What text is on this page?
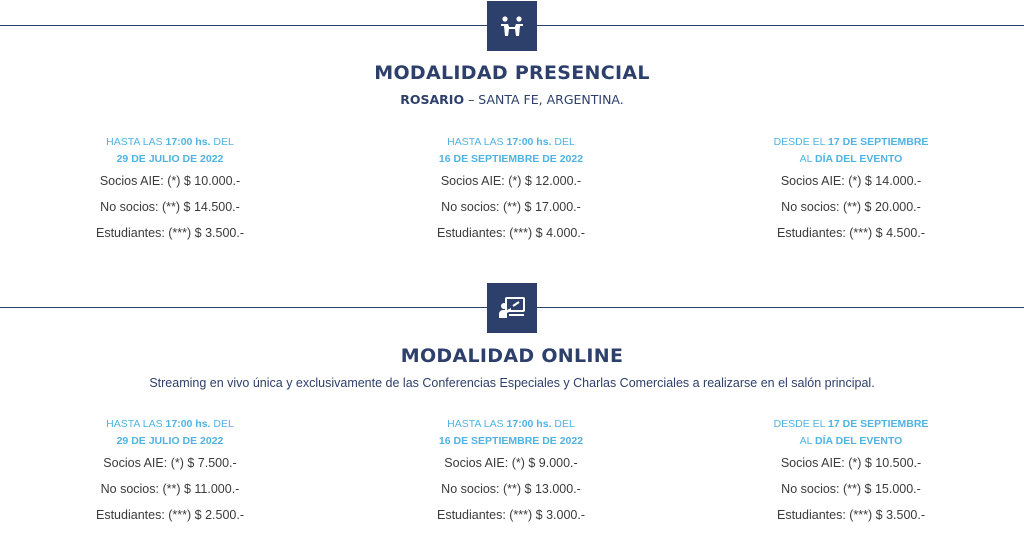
MODALIDAD PRESENCIAL
ROSARIO – SANTA FE, ARGENTINA.
HASTA LAS 17:00 hs. DEL
29 DE JULIO DE 2022
Socios AIE: (*) $ 10.000.-
No socios: (**) $ 14.500.-
Estudiantes: (***) $ 3.500.-
HASTA LAS 17:00 hs. DEL
16 DE SEPTIEMBRE DE 2022
Socios AIE: (*) $ 12.000.-
No socios: (**) $ 17.000.-
Estudiantes: (***) $ 4.000.-
DESDE EL 17 DE SEPTIEMBRE
AL DÍA DEL EVENTO
Socios AIE: (*) $ 14.000.-
No socios: (**) $ 20.000.-
Estudiantes: (***) $ 4.500.-
MODALIDAD ONLINE
Streaming en vivo única y exclusivamente de las Conferencias Especiales y Charlas Comerciales a realizarse en el salón principal.
HASTA LAS 17:00 hs. DEL
29 DE JULIO DE 2022
Socios AIE: (*) $ 7.500.-
No socios: (**) $ 11.000.-
Estudiantes: (***) $ 2.500.-
HASTA LAS 17:00 hs. DEL
16 DE SEPTIEMBRE DE 2022
Socios AIE: (*) $ 9.000.-
No socios: (**) $ 13.000.-
Estudiantes: (***) $ 3.000.-
DESDE EL 17 DE SEPTIEMBRE
AL DÍA DEL EVENTO
Socios AIE: (*) $ 10.500.-
No socios: (**) $ 15.000.-
Estudiantes: (***) $ 3.500.-
